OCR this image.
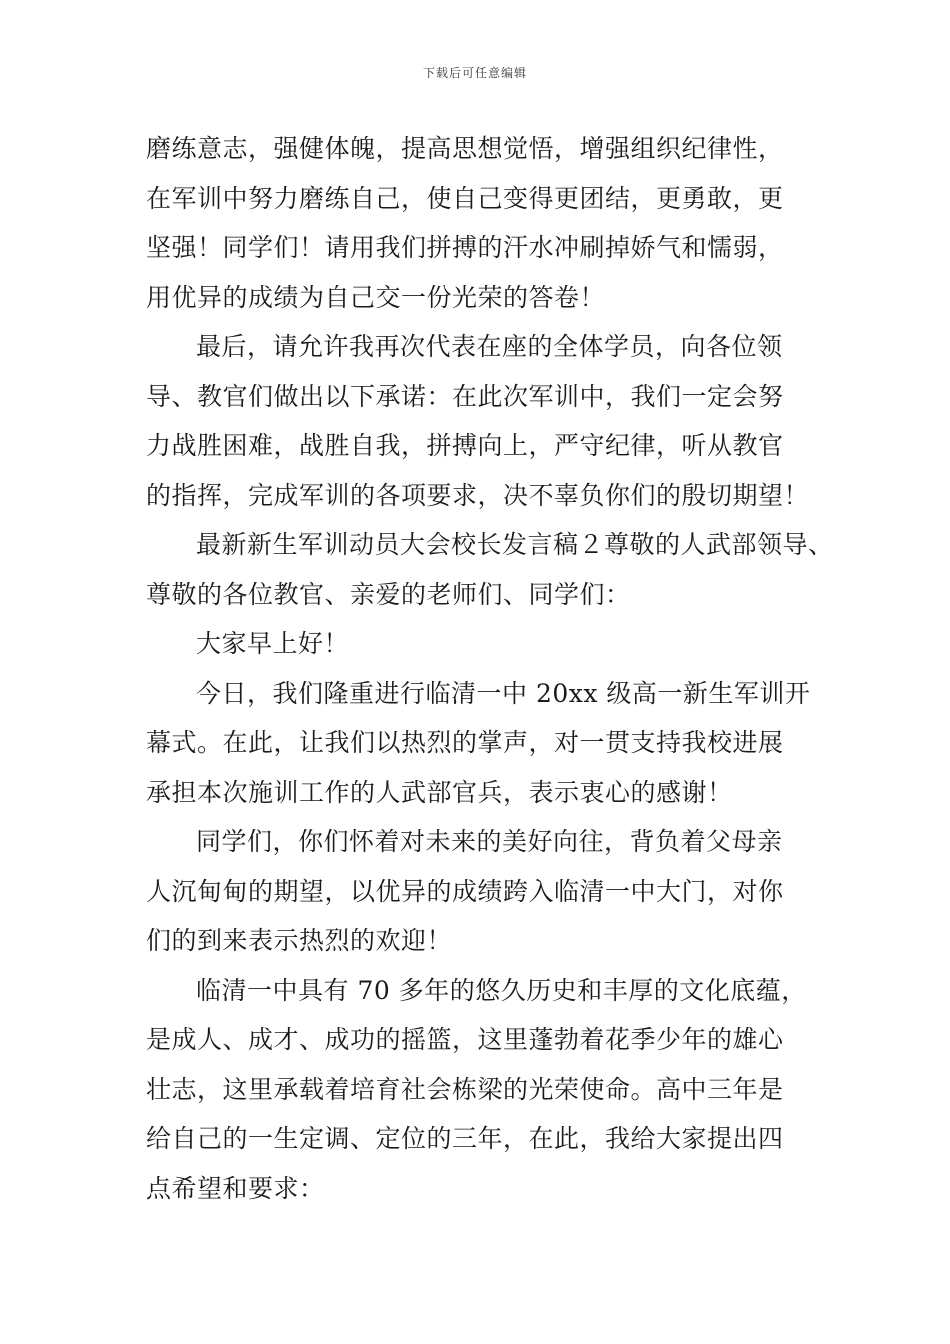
下载后可任意编辑
磨练意志，强健体魄，提高思想觉悟，增强组织纪律性，
在军训中努力磨练自己，使自己变得更团结，更勇敢，更
坚强！同学们！请用我们拼搏的汗水冲刷掉娇气和懦弱，
用优异的成绩为自己交一份光荣的答卷！
最后，请允许我再次代表在座的全体学员，向各位领
导、教官们做出以下承诺：在此次军训中，我们一定会努
力战胜困难，战胜自我，拼搏向上，严守纪律，听从教官
的指挥，完成军训的各项要求，决不辜负你们的殷切期望！
最新新生军训动员大会校长发言稿２尊敬的人武部领导、
尊敬的各位教官、亲爱的老师们、同学们：
大家早上好！
今日，我们隆重进行临清一中 20xx 级高一新生军训开
幕式。在此，让我们以热烈的掌声，对一贯支持我校进展
承担本次施训工作的人武部官兵，表示衷心的感谢！
同学们，你们怀着对未来的美好向往，背负着父母亲
人沉甸甸的期望，以优异的成绩跨入临清一中大门，对你
们的到来表示热烈的欢迎！
临清一中具有 70 多年的悠久历史和丰厚的文化底蕴，
是成人、成才、成功的摇篮，这里蓬勃着花季少年的雄心
壮志，这里承载着培育社会栋梁的光荣使命。高中三年是
给自己的一生定调、定位的三年，在此，我给大家提出四
点希望和要求：
